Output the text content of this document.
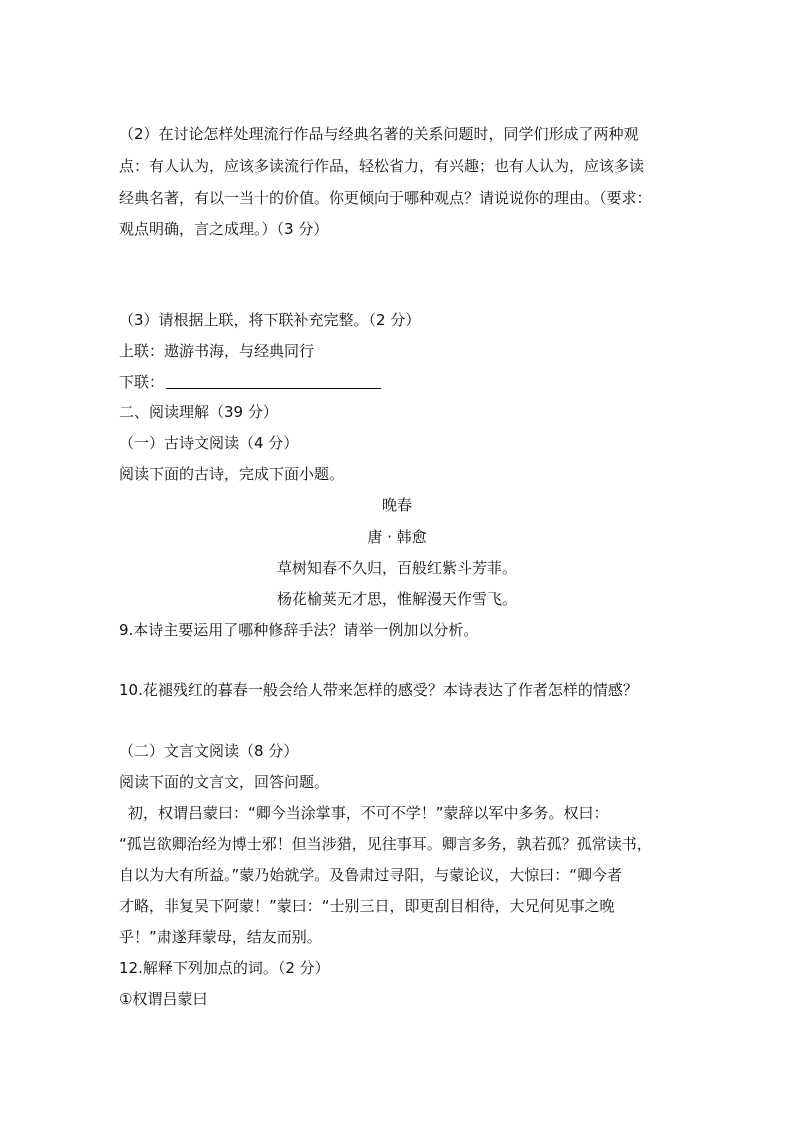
（2）在讨论怎样处理流行作品与经典名著的关系问题时，同学们形成了两种观
点：有人认为，应该多读流行作品，轻松省力，有兴趣；也有人认为，应该多读
经典名著，有以一当十的价值。你更倾向于哪种观点？请说说你的理由。（要求：
观点明确，言之成理。）（3 分）
（3）请根据上联，将下联补充完整。（2 分）
上联：遨游书海，与经典同行
下联：
二、阅读理解（39 分）
（一）古诗文阅读（4 分）
阅读下面的古诗，完成下面小题。
晚春
唐 · 韩愈
草树知春不久归，百般红紫斗芳菲。
杨花榆荚无才思，惟解漫天作雪飞。
9.本诗主要运用了哪种修辞手法？请举一例加以分析。
10.花褪残红的暮春一般会给人带来怎样的感受？本诗表达了作者怎样的情感？
（二）文言文阅读（8 分）
阅读下面的文言文，回答问题。
初，权谓吕蒙曰：“卿今当涂掌事，不可不学！”蒙辞以军中多务。权曰：
“孤岂欲卿治经为博士邪！但当涉猎，见往事耳。卿言多务，孰若孤？孤常读书，
自以为大有所益。”蒙乃始就学。及鲁肃过寻阳，与蒙论议，大惊曰：“卿今者
才略，非复吴下阿蒙！”蒙曰：“士别三日，即更刮目相待，大兄何见事之晚
乎！”肃遂拜蒙母，结友而别。
12.解释下列加点的词。（2 分）
①权谓吕蒙曰
